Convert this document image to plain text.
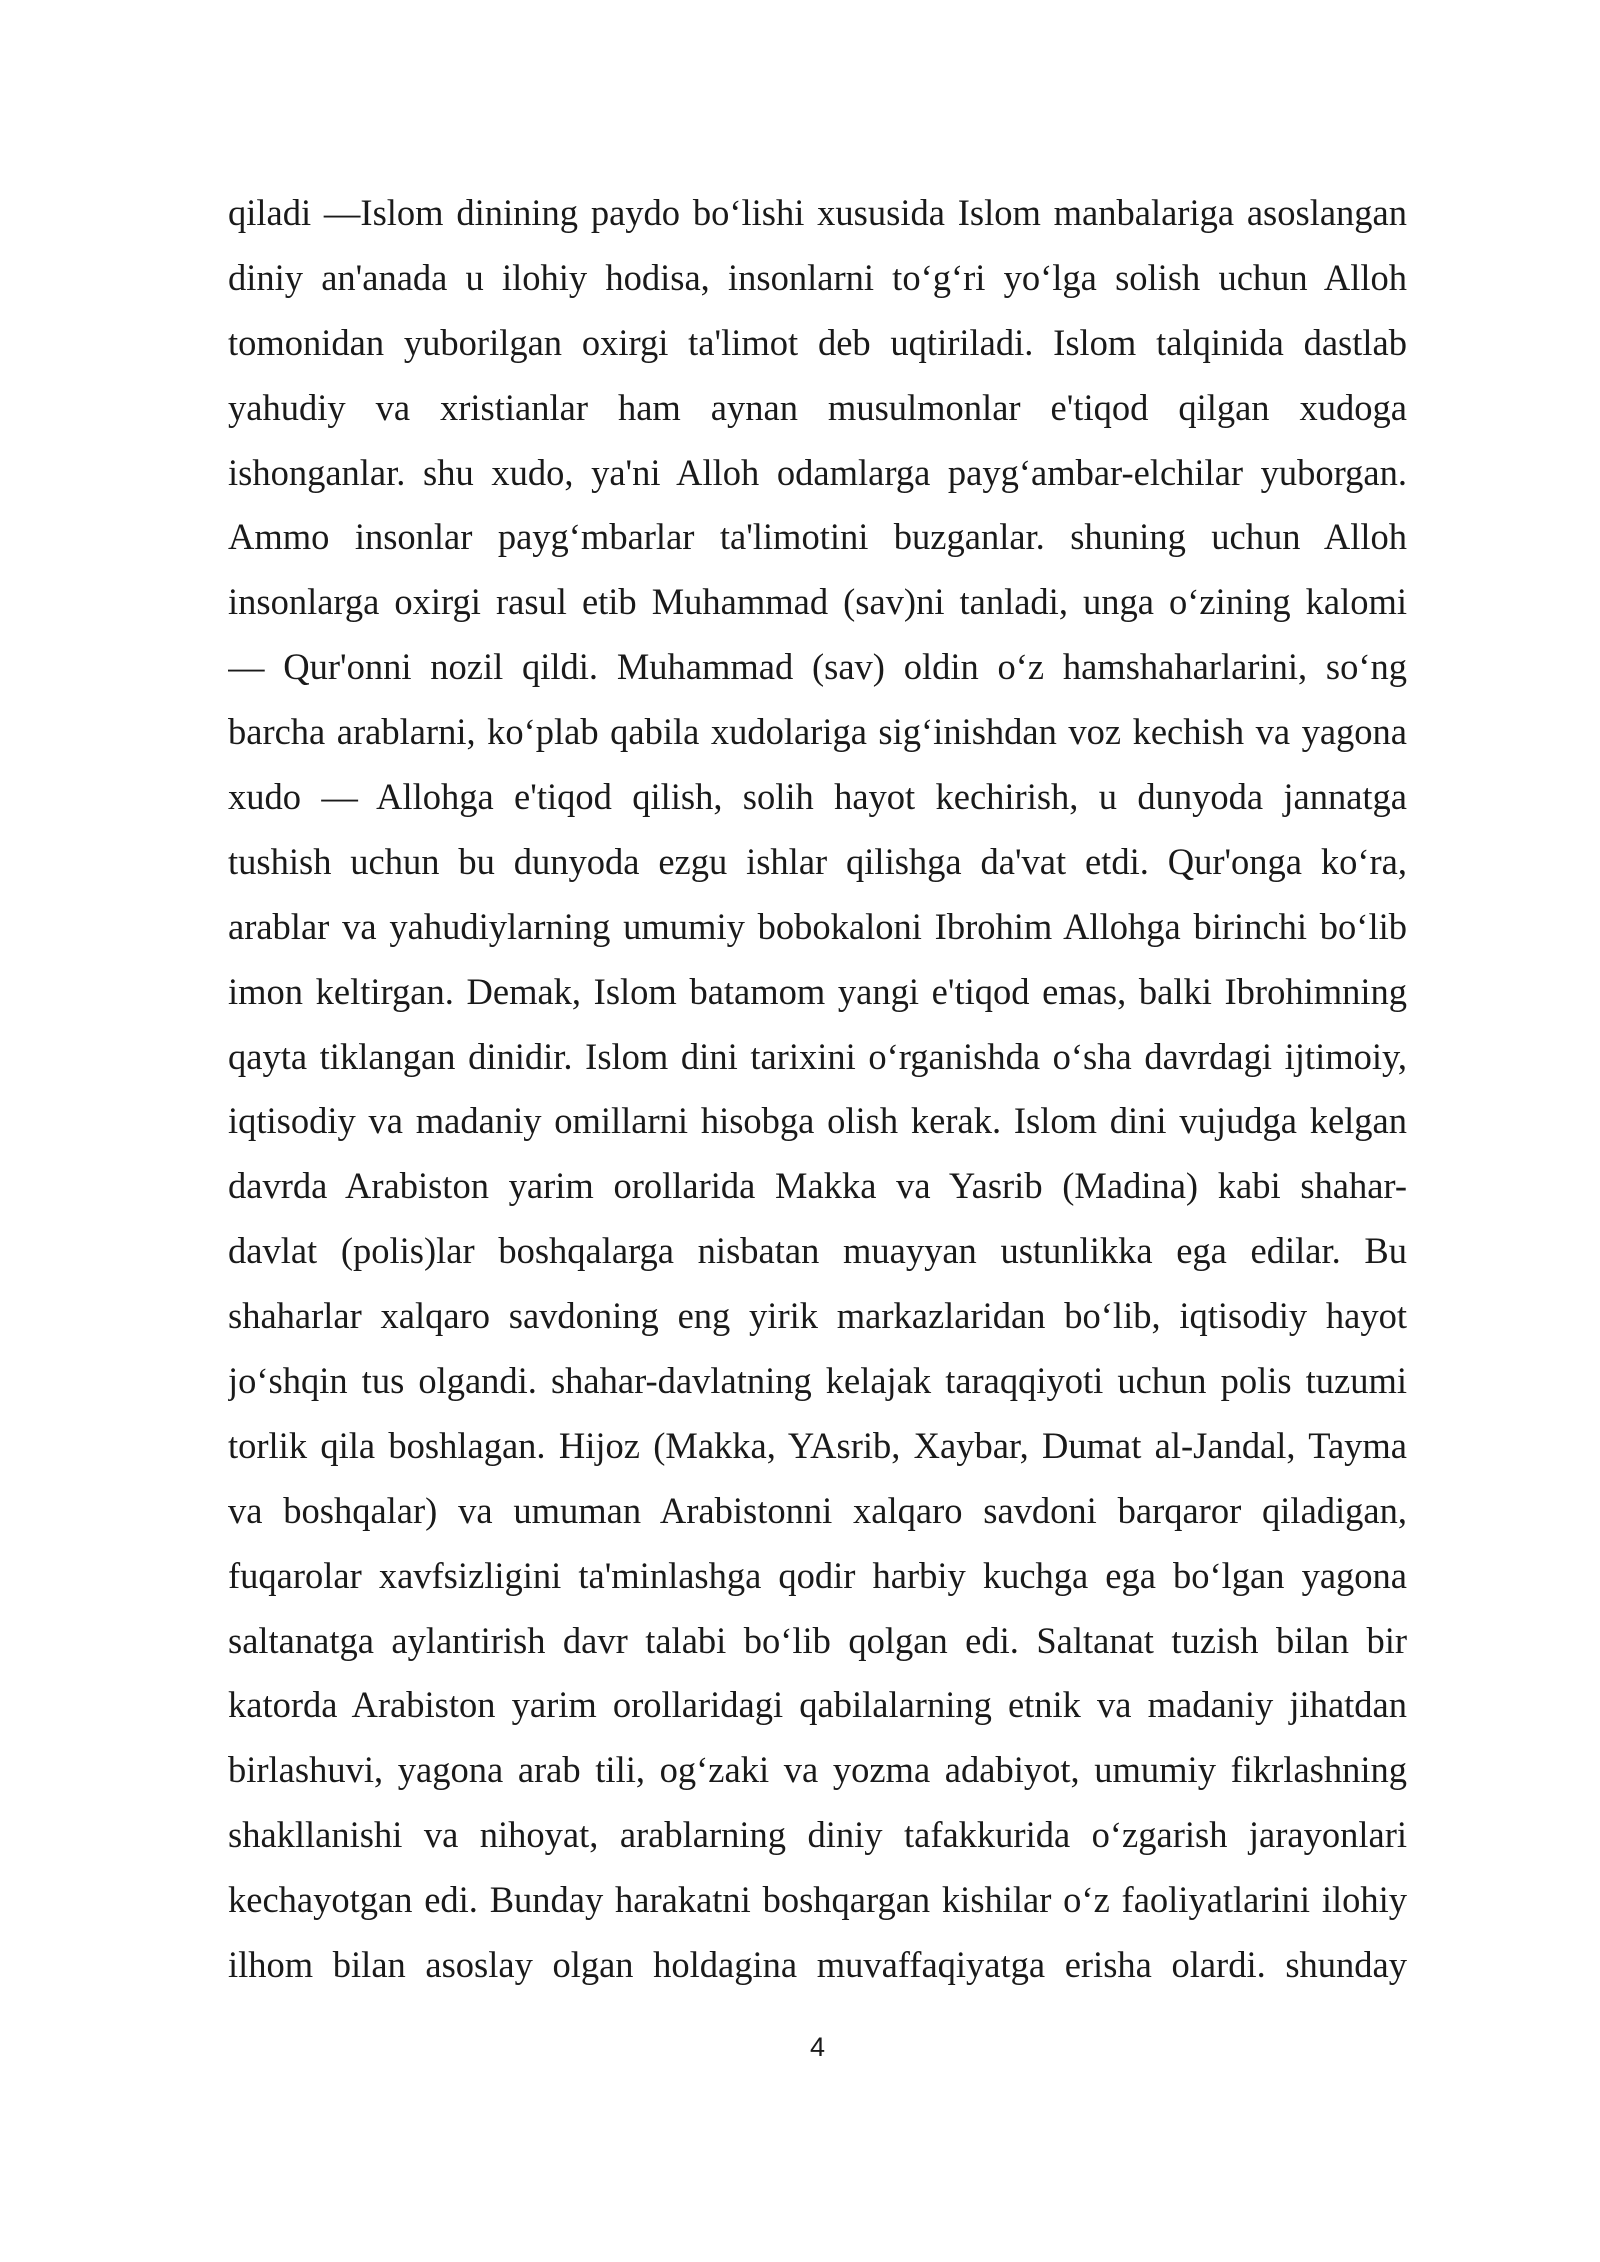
qiladi —Islom dinining paydo bo‘lishi xususida Islom manbalariga asoslangan
diniy an'anada u ilohiy hodisa, insonlarni to‘g‘ri yo‘lga solish uchun Alloh
tomonidan yuborilgan oxirgi ta'limot deb uqtiriladi. Islom talqinida dastlab
yahudiy va xristianlar ham aynan musulmonlar e'tiqod qilgan xudoga
ishonganlar. shu xudo, ya'ni Alloh odamlarga payg‘ambar-elchilar yuborgan.
Ammo insonlar payg‘mbarlar ta'limotini buzganlar. shuning uchun Alloh
insonlarga oxirgi rasul etib Muhammad (sav)ni tanladi, unga o‘zining kalomi
— Qur'onni nozil qildi. Muhammad (sav) oldin o‘z hamshaharlarini, so‘ng
barcha arablarni, ko‘plab qabila xudolariga sig‘inishdan voz kechish va yagona
xudo — Allohga e'tiqod qilish, solih hayot kechirish, u dunyoda jannatga
tushish uchun bu dunyoda ezgu ishlar qilishga da'vat etdi. Qur'onga ko‘ra,
arablar va yahudiylarning umumiy bobokaloni Ibrohim Allohga birinchi bo‘lib
imon keltirgan. Demak, Islom batamom yangi e'tiqod emas, balki Ibrohimning
qayta tiklangan dinidir. Islom dini tarixini o‘rganishda o‘sha davrdagi ijtimoiy,
iqtisodiy va madaniy omillarni hisobga olish kerak. Islom dini vujudga kelgan
davrda Arabiston yarim orollarida Makka va Yasrib (Madina) kabi shahar-
davlat (polis)lar boshqalarga nisbatan muayyan ustunlikka ega edilar. Bu
shaharlar xalqaro savdoning eng yirik markazlaridan bo‘lib, iqtisodiy hayot
jo‘shqin tus olgandi. shahar-davlatning kelajak taraqqiyoti uchun polis tuzumi
torlik qila boshlagan. Hijoz (Makka, YAsrib, Xaybar, Dumat al-Jandal, Tayma
va boshqalar) va umuman Arabistonni xalqaro savdoni barqaror qiladigan,
fuqarolar xavfsizligini ta'minlashga qodir harbiy kuchga ega bo‘lgan yagona
saltanatga aylantirish davr talabi bo‘lib qolgan edi. Saltanat tuzish bilan bir
katorda Arabiston yarim orollaridagi qabilalarning etnik va madaniy jihatdan
birlashuvi, yagona arab tili, og‘zaki va yozma adabiyot, umumiy fikrlashning
shakllanishi va nihoyat, arablarning diniy tafakkurida o‘zgarish jarayonlari
kechayotgan edi. Bunday harakatni boshqargan kishilar o‘z faoliyatlarini ilohiy
ilhom bilan asoslay olgan holdagina muvaffaqiyatga erisha olardi. shunday
4
